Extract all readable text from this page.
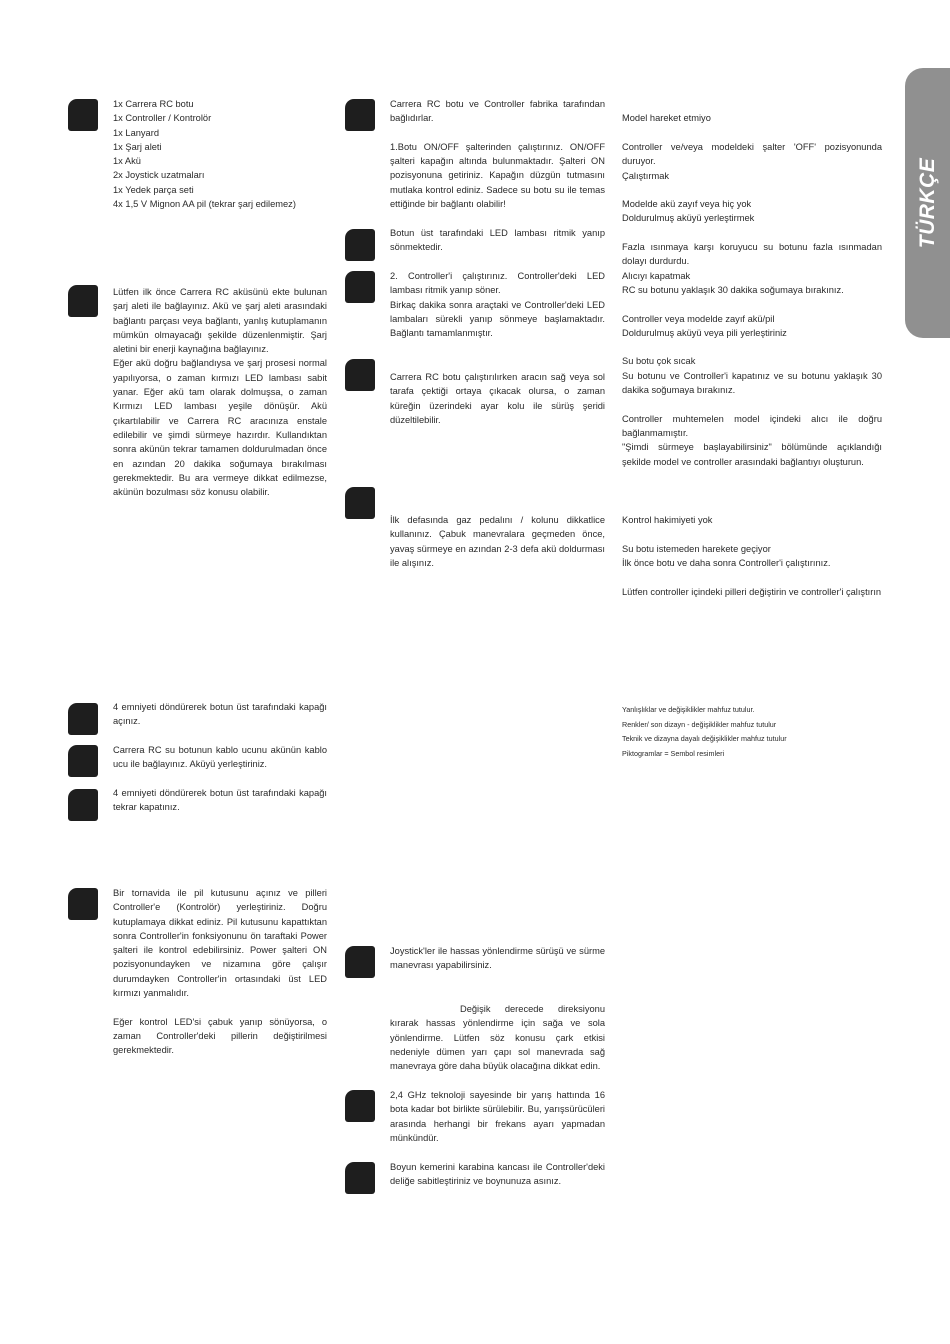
TÜRKÇE
1x Carrera RC botu
1x Controller / Kontrolör
1x Lanyard
1x Şarj aleti
1x Akü
2x Joystick uzatmaları
1x Yedek parça seti
4x 1,5 V Mignon AA pil (tekrar şarj edilemez)

Lütfen ilk önce Carrera RC aküsünü ekte bulunan şarj aleti ile bağlayınız. Akü ve şarj aleti arasındaki bağlantı parçası veya bağlantı, yanlış kutuplamanın mümkün olmayacağı şekilde düzenlenmiştir. Şarj aletini bir enerji kaynağına bağlayınız.
Eğer akü doğru bağlandıysa ve şarj prosesi normal yapılıyorsa, o zaman kırmızı LED lambası sabit yanar. Eğer akü tam olarak dolmuşsa, o zaman Kırmızı LED lambası yeşile dönüşür. Akü çıkartılabilir ve Carrera RC aracınıza enstale edilebilir ve şimdi sürmeye hazırdır. Kullandıktan sonra akünün tekrar tamamen doldurulmadan önce en azından 20 dakika soğumaya bırakılması gerekmektedir. Bu ara vermeye dikkat edilmezse, akünün bozulması söz konusu olabilir.

4 emniyeti döndürerek botun üst tarafındaki kapağı açınız.

Carrera RC su botunun kablo ucunu akünün kablo ucu ile bağlayınız. Aküyü yerleştiriniz.

4 emniyeti döndürerek botun üst tarafındaki kapağı tekrar kapatınız.

Bir tornavida ile pil kutusunu açınız ve pilleri Controller'e (Kontrolör) yerleştiriniz. Doğru kutuplamaya dikkat ediniz. Pil kutusunu kapattıktan sonra Controller'in fonksiyonunu ön taraftaki Power şalteri ile kontrol edebilirsiniz. Power şalteri ON pozisyonundayken ve nizamına göre çalışır durumdayken Controller'in ortasındaki üst LED kırmızı yanmalıdır.

Eğer kontrol LED'si çabuk yanıp sönüyorsa, o zaman Controller'deki pillerin değiştirilmesi gerekmektedir.

Carrera RC botu ve Controller fabrika tarafından bağlıdırlar.

1.Botu ON/OFF şalterinden çalıştırınız. ON/OFF şalteri kapağın altında bulunmaktadır. Şalteri ON pozisyonuna getiriniz. Kapağın düzgün tutmasını mutlaka kontrol ediniz. Sadece su botu su ile temas ettiğinde bir bağlantı olabilir!

Botun üst tarafındaki LED lambası ritmik yanıp sönmektedir.

2. Controller'i çalıştırınız. Controller'deki LED lambası ritmik yanıp söner.
Birkaç dakika sonra araçtaki ve Controller'deki LED lambaları sürekli yanıp sönmeye başlamaktadır. Bağlantı tamamlanmıştır.

Carrera RC botu çalıştırılırken aracın sağ veya sol tarafa çektiği ortaya çıkacak olursa, o zaman küreğin üzerindeki ayar kolu ile sürüş şeridi düzeltilebilir.

İlk defasında gaz pedalını / kolunu dikkatlice kullanınız. Çabuk manevralara geçmeden önce, yavaş sürmeye en azından 2-3 defa akü doldurması ile alışınız.

Joystick'ler ile hassas yönlendirme sürüşü ve sürme manevrası yapabilirsiniz.

Değişik derecede direksiyonu kırarak hassas yönlendirme için sağa ve sola yönlendirme. Lütfen söz konusu çark etkisi nedeniyle dümen yarı çapı sol manevrada sağ manevraya göre daha büyük olacağına dikkat edin.

2,4 GHz teknoloji sayesinde bir yarış hattında 16 bota kadar bot birlikte sürülebilir. Bu, yarışsürücüleri arasında herhangi bir frekans ayarı yapmadan münkündür.

Boyun kemerini karabina kancası ile Controller'deki deliğe sabitleştiriniz ve boynunuza asınız.

Model hareket etmiyo

Controller ve/veya modeldeki şalter 'OFF' pozisyonunda duruyor.
Çalıştırmak

Modelde akü zayıf veya hiç yok
Doldurulmuş aküyü yerleştirmek

Fazla ısınmaya karşı koruyucu su botunu fazla ısınmadan dolayı durdurdu.
Alıcıyı kapatmak
RC su botunu yaklaşık 30 dakika soğumaya bırakınız.

Controller veya modelde zayıf akü/pil
Doldurulmuş aküyü veya pili yerleştiriniz

Su botu çok sıcak
Su botunu ve Controller'i kapatınız ve su botunu yaklaşık 30 dakika soğumaya bırakınız.

Controller muhtemelen model içindeki alıcı ile doğru bağlanmamıştır.
"Şimdi sürmeye başlayabilirsiniz" bölümünde açıklandığı şekilde model ve controller arasındaki bağlantıyı oluşturun.

Kontrol hakimiyeti yok

Su botu istemeden harekete geçiyor
İlk önce botu ve daha sonra Controller'i çalıştırınız.

Lütfen controller içindeki pilleri değiştirin ve controller'i çalıştırın

Yanlışlıklar ve değişiklikler mahfuz tutulur.
Renkler/ son dizayn - değişiklikler mahfuz tutulur
Teknik ve dizayna dayalı değişiklikler mahfuz tutulur
Piktogramlar = Sembol resimleri
